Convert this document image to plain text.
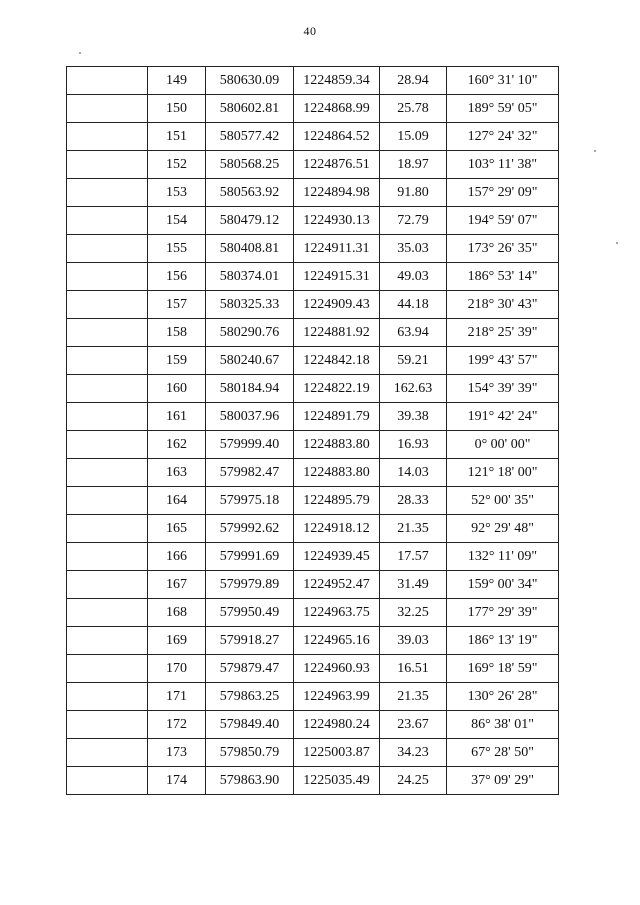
40
	149	580630.09	1224859.34	28.94	160° 31' 10"
	150	580602.81	1224868.99	25.78	189° 59' 05"
	151	580577.42	1224864.52	15.09	127° 24' 32"
	152	580568.25	1224876.51	18.97	103° 11' 38"
	153	580563.92	1224894.98	91.80	157° 29' 09"
	154	580479.12	1224930.13	72.79	194° 59' 07"
	155	580408.81	1224911.31	35.03	173° 26' 35"
	156	580374.01	1224915.31	49.03	186° 53' 14"
	157	580325.33	1224909.43	44.18	218° 30' 43"
	158	580290.76	1224881.92	63.94	218° 25' 39"
	159	580240.67	1224842.18	59.21	199° 43' 57"
	160	580184.94	1224822.19	162.63	154° 39' 39"
	161	580037.96	1224891.79	39.38	191° 42' 24"
	162	579999.40	1224883.80	16.93	0° 00' 00"
	163	579982.47	1224883.80	14.03	121° 18' 00"
	164	579975.18	1224895.79	28.33	52° 00' 35"
	165	579992.62	1224918.12	21.35	92° 29' 48"
	166	579991.69	1224939.45	17.57	132° 11' 09"
	167	579979.89	1224952.47	31.49	159° 00' 34"
	168	579950.49	1224963.75	32.25	177° 29' 39"
	169	579918.27	1224965.16	39.03	186° 13' 19"
	170	579879.47	1224960.93	16.51	169° 18' 59"
	171	579863.25	1224963.99	21.35	130° 26' 28"
	172	579849.40	1224980.24	23.67	86° 38' 01"
	173	579850.79	1225003.87	34.23	67° 28' 50"
	174	579863.90	1225035.49	24.25	37° 09' 29"
